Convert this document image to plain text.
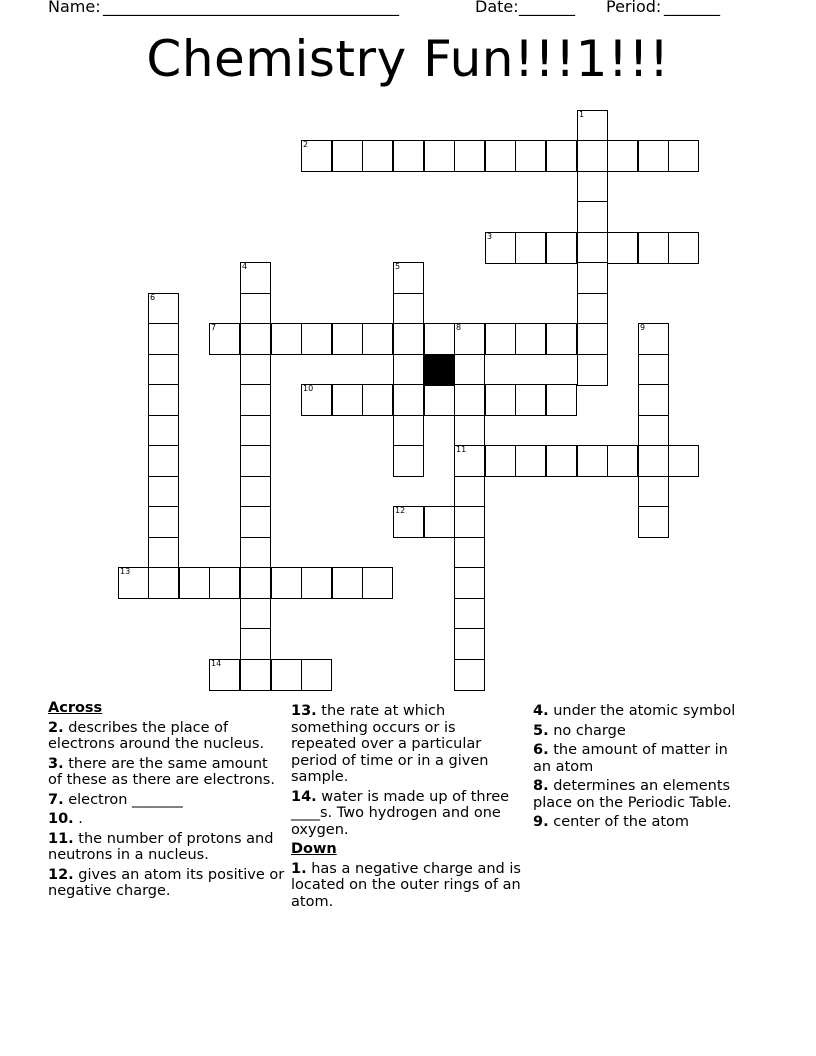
Name: _____________________________________	Date: _______ Period: _______
Chemistry Fun!!!1!!!
1
2
3
4	5
6
7	8
11
9
10
12
13
14
Across
2. describes the place of electrons around the nucleus.
3. there are the same amount of these as there are electrons.
7. electron _______
10. .
11. the number of protons and neutrons in a nucleus.
12. gives an atom its positive or negative charge.
13. the rate at which something occurs or is repeated over a particular period of time or in a given sample.
14. water is made up of three ____s. Two hydrogen and one oxygen.
Down
1. has a negative charge and is located on the outer rings of an atom.
4. under the atomic symbol
5. no charge
6. the amount of matter in an atom
8. determines an elements place on the Periodic Table.
9. center of the atom
